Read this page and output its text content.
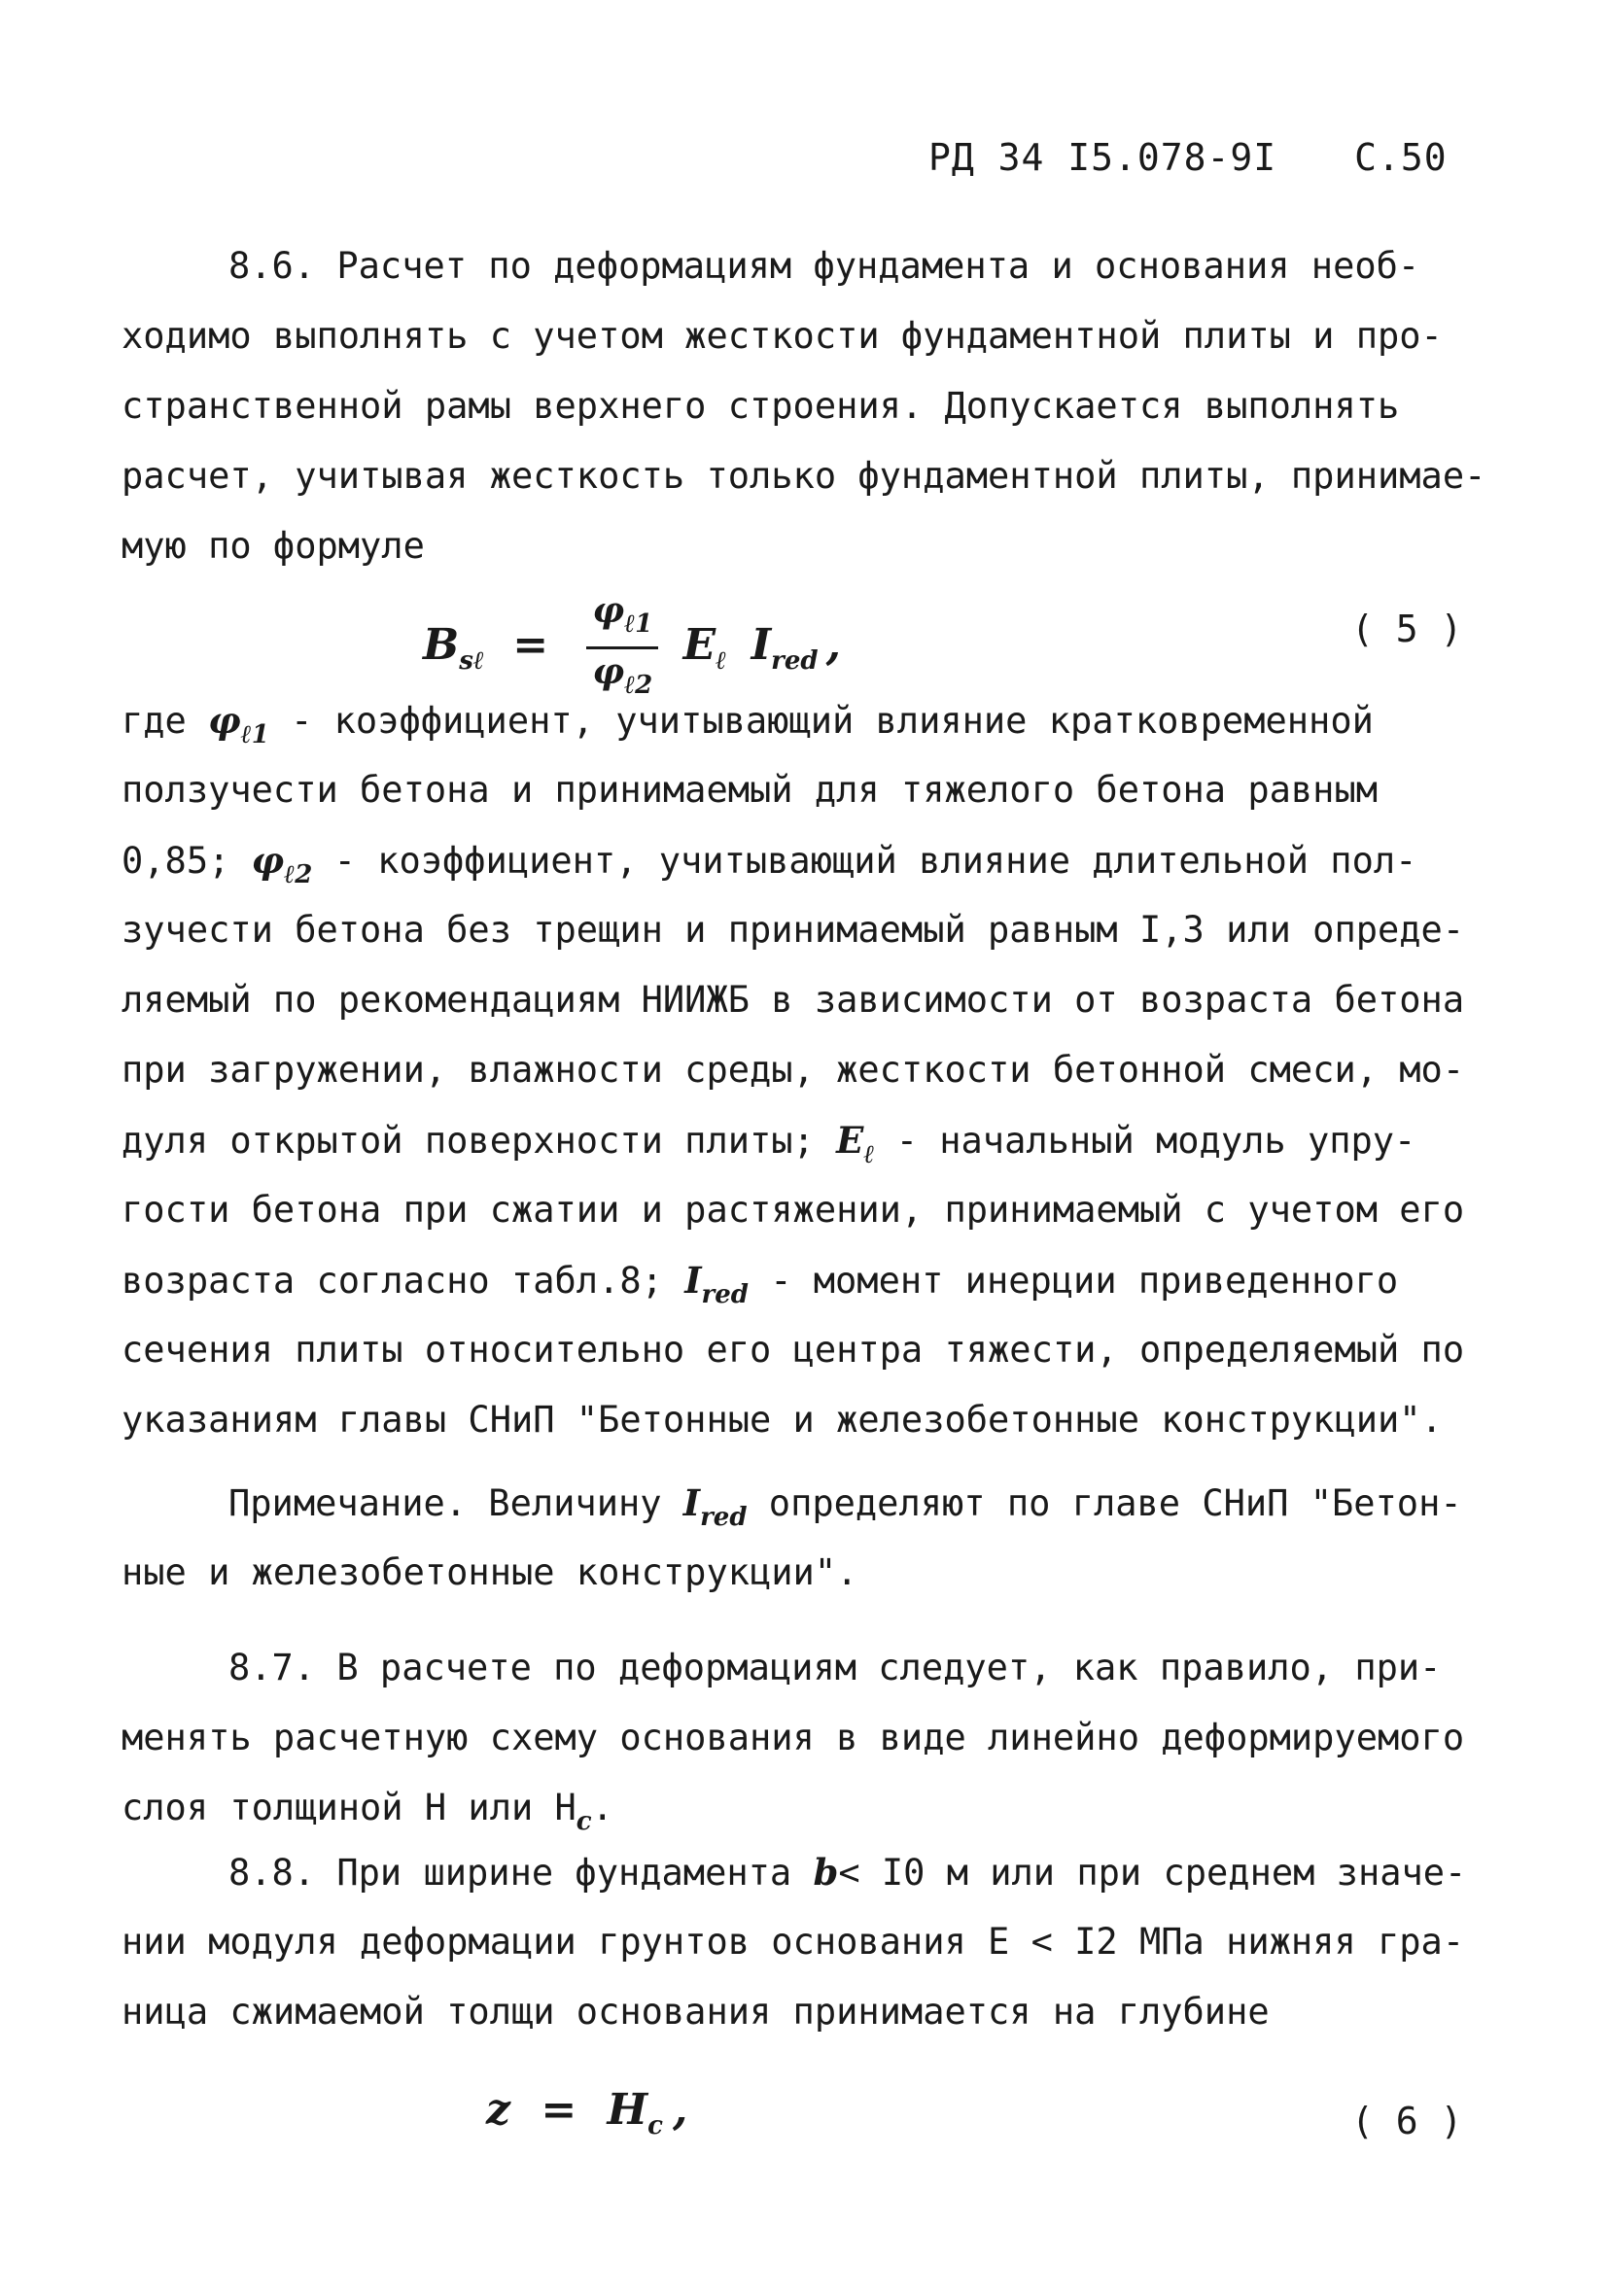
РД 34 I5.078-9I С.50
8.6. Расчет по деформациям фундамента и основания необ-
ходимо выполнять с учетом жесткости фундаментной плиты и про-
странственной рамы верхнего строения. Допускается выполнять
расчет, учитывая жесткость только фундаментной плиты, принимае-
мую по формуле
$B_{s\ell} = \frac{\varphi_{\ell 1}}{\varphi_{\ell 2}} E_\ell$ $I_{red}$ ,	( 5 )
где $\varphi_{\ell 1}$ - коэффициент, учитывающий влияние кратковременной
ползучести бетона и принимаемый для тяжелого бетона равным
0,85; $\varphi_{\ell 2}$ - коэффициент, учитывающий влияние длительной пол-
зучести бетона без трещин и принимаемый равным I,3 или опреде-
ляемый по рекомендациям НИИЖБ в зависимости от возраста бетона
при загружении, влажности среды, жесткости бетонной смеси, мо-
дуля открытой поверхности плиты; $E_\ell$ - начальный модуль упру-
гости бетона при сжатии и растяжении, принимаемый с учетом его
возраста согласно табл.8; $I_{red}$ - момент инерции приведенного
сечения плиты относительно его центра тяжести, определяемый по
указаниям главы СНиП "Бетонные и железобетонные конструкции".
Примечание. Величину $I_{red}$ определяют по главе СНиП "Бетон-
ные и железобетонные конструкции".
8.7. В расчете по деформациям следует, как правило, при-
менять расчетную схему основания в виде линейно деформируемого
слоя толщиной Н или $Н_c$.
8.8. При ширине фундамента b< I0 м или при среднем значе-
нии модуля деформации грунтов основания Е < I2 МПа нижняя гра-
ница сжимаемой толщи основания принимается на глубине
$z = H_c$ ,	( 6 )
